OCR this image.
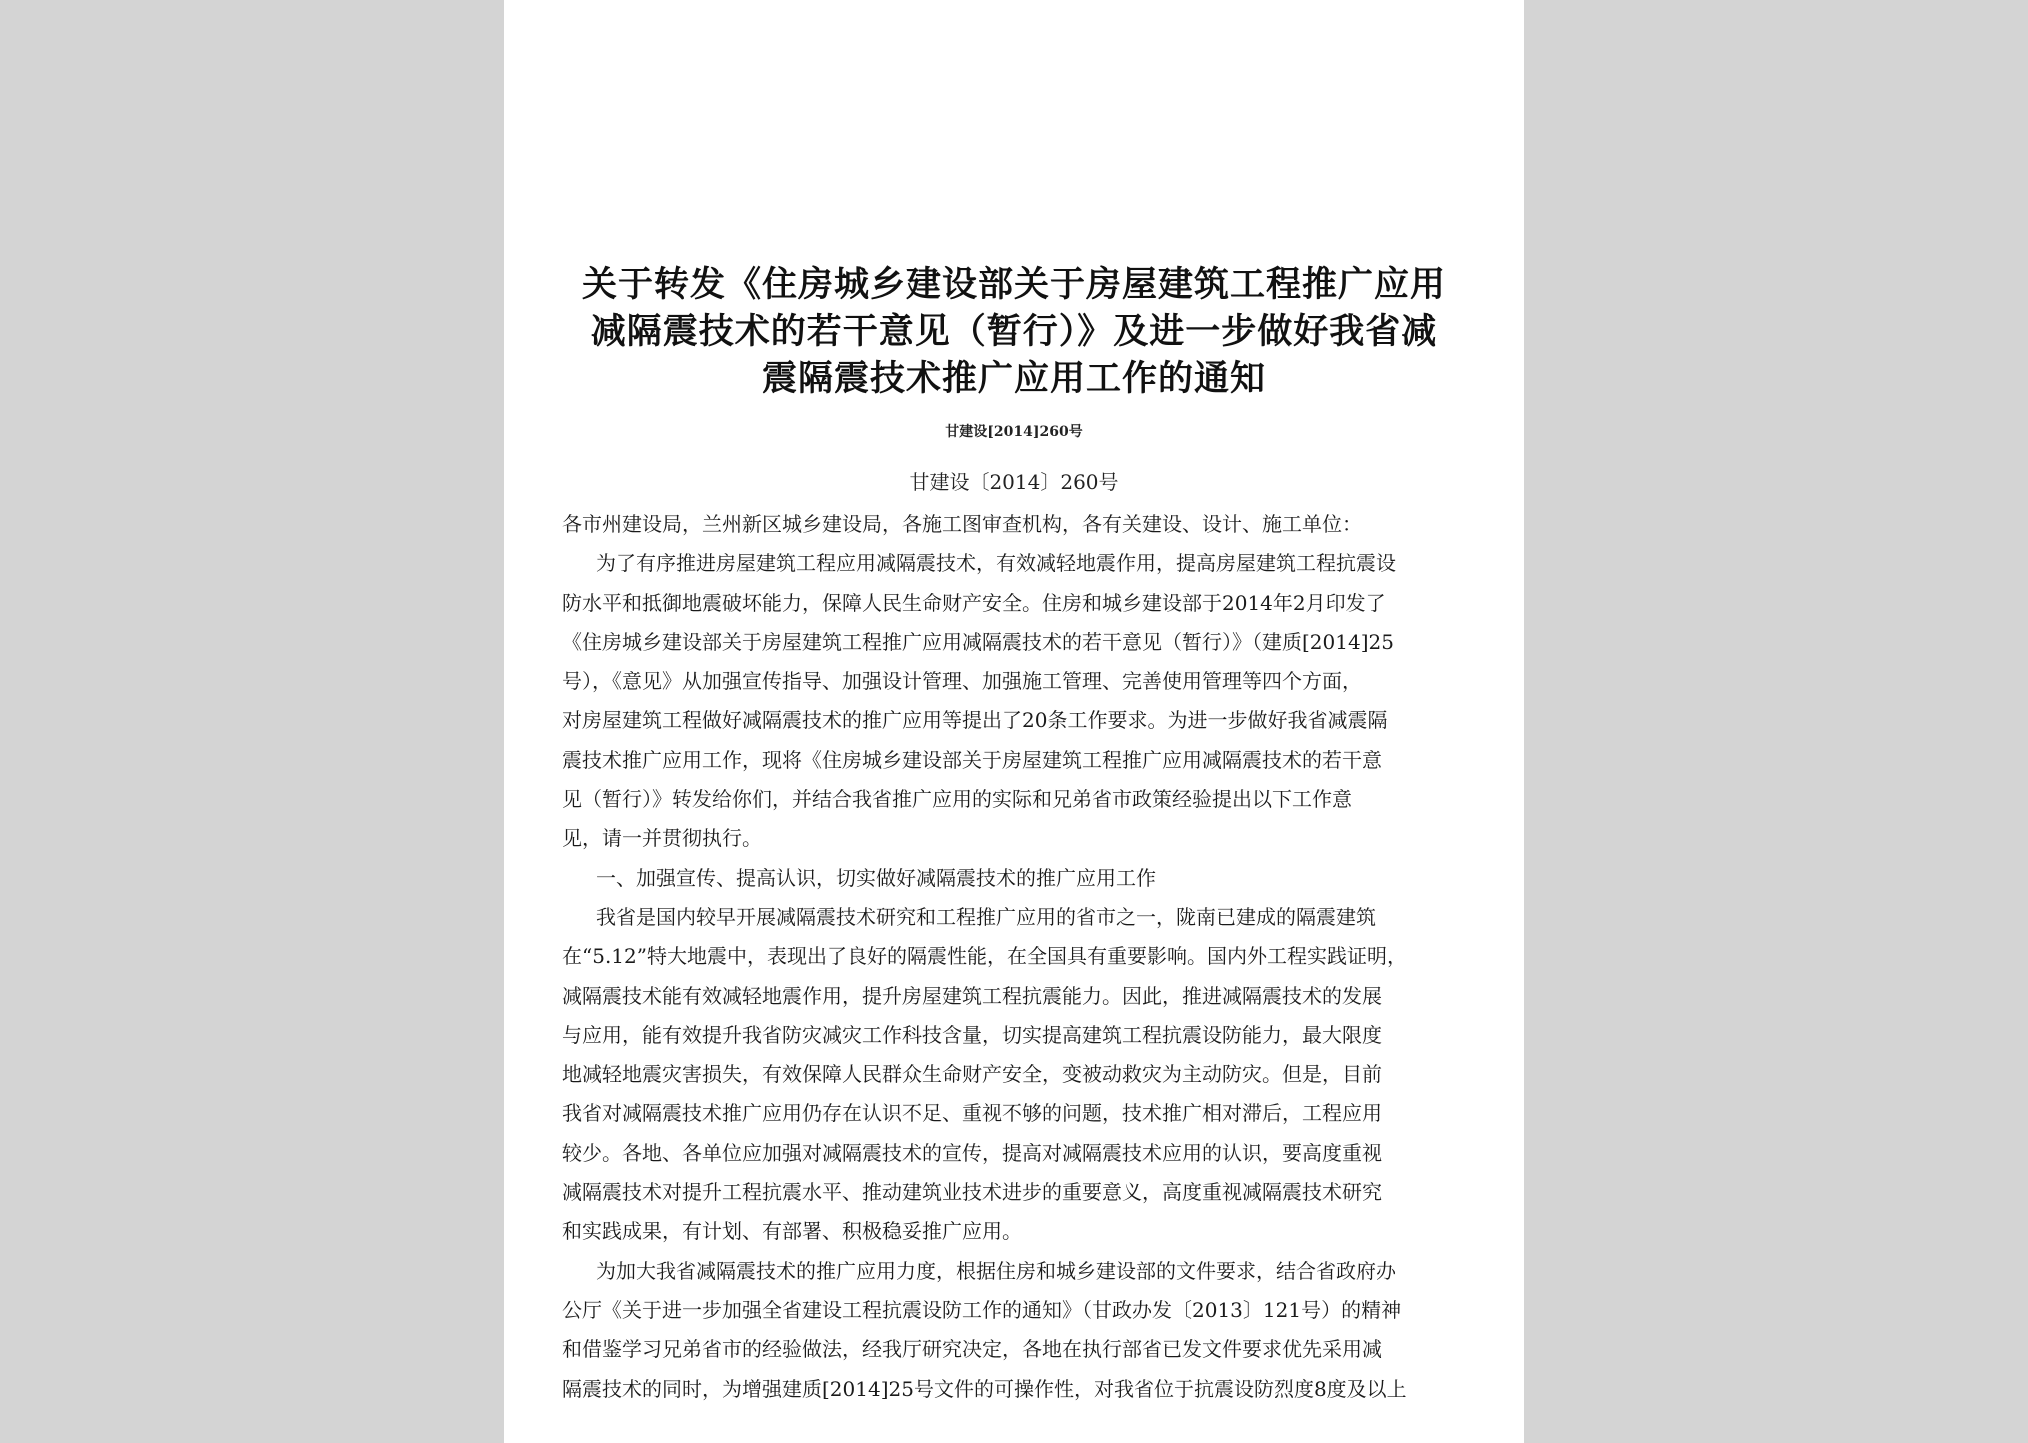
关于转发《住房城乡建设部关于房屋建筑工程推广应用
减隔震技术的若干意见（暂行）》及进一步做好我省减
震隔震技术推广应用工作的通知
甘建设[2014]260号
甘建设〔2014〕260号
各市州建设局，兰州新区城乡建设局，各施工图审查机构，各有关建设、设计、施工单位：
为了有序推进房屋建筑工程应用减隔震技术，有效减轻地震作用，提高房屋建筑工程抗震设
防水平和抵御地震破坏能力，保障人民生命财产安全。住房和城乡建设部于2014年2月印发了
《住房城乡建设部关于房屋建筑工程推广应用减隔震技术的若干意见（暂行）》（建质[2014]25
号），《意见》从加强宣传指导、加强设计管理、加强施工管理、完善使用管理等四个方面，
对房屋建筑工程做好减隔震技术的推广应用等提出了20条工作要求。为进一步做好我省减震隔
震技术推广应用工作，现将《住房城乡建设部关于房屋建筑工程推广应用减隔震技术的若干意
见（暂行）》转发给你们，并结合我省推广应用的实际和兄弟省市政策经验提出以下工作意
见，请一并贯彻执行。
一、加强宣传、提高认识，切实做好减隔震技术的推广应用工作
我省是国内较早开展减隔震技术研究和工程推广应用的省市之一，陇南已建成的隔震建筑
在“5.12”特大地震中，表现出了良好的隔震性能，在全国具有重要影响。国内外工程实践证明，
减隔震技术能有效减轻地震作用，提升房屋建筑工程抗震能力。因此，推进减隔震技术的发展
与应用，能有效提升我省防灾减灾工作科技含量，切实提高建筑工程抗震设防能力，最大限度
地减轻地震灾害损失，有效保障人民群众生命财产安全，变被动救灾为主动防灾。但是，目前
我省对减隔震技术推广应用仍存在认识不足、重视不够的问题，技术推广相对滞后，工程应用
较少。各地、各单位应加强对减隔震技术的宣传，提高对减隔震技术应用的认识，要高度重视
减隔震技术对提升工程抗震水平、推动建筑业技术进步的重要意义，高度重视减隔震技术研究
和实践成果，有计划、有部署、积极稳妥推广应用。
为加大我省减隔震技术的推广应用力度，根据住房和城乡建设部的文件要求，结合省政府办
公厅《关于进一步加强全省建设工程抗震设防工作的通知》（甘政办发〔2013〕121号）的精神
和借鉴学习兄弟省市的经验做法，经我厅研究决定，各地在执行部省已发文件要求优先采用减
隔震技术的同时，为增强建质[2014]25号文件的可操作性，对我省位于抗震设防烈度8度及以上
